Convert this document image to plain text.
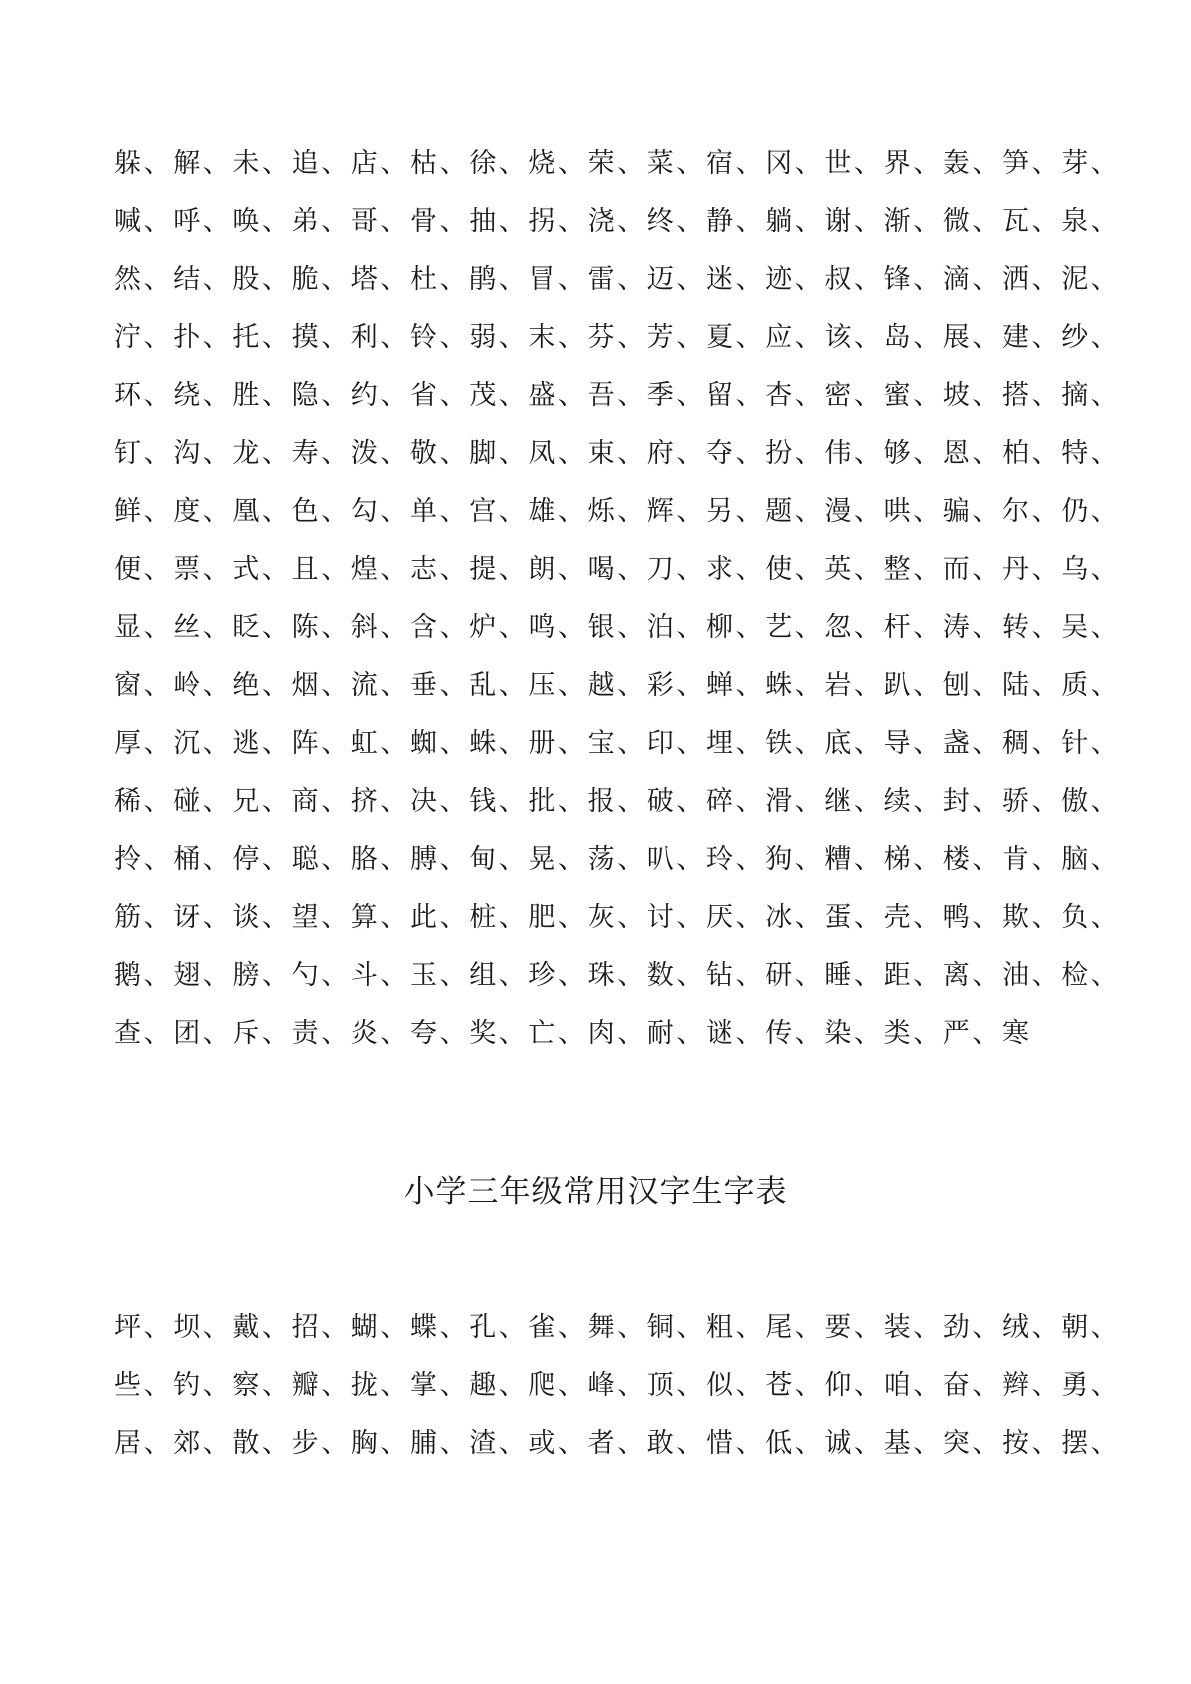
躲、解、未、追、店、枯、徐、烧、荣、菜、宿、冈、世、界、轰、笋、芽、

喊、呼、唤、弟、哥、骨、抽、拐、浇、终、静、躺、谢、渐、微、瓦、泉、

然、结、股、脆、塔、杜、鹃、冒、雷、迈、迷、迹、叔、锋、滴、洒、泥、

泞、扑、托、摸、利、铃、弱、末、芬、芳、夏、应、该、岛、展、建、纱、

环、绕、胜、隐、约、省、茂、盛、吾、季、留、杏、密、蜜、坡、搭、摘、

钉、沟、龙、寿、泼、敬、脚、凤、束、府、夺、扮、伟、够、恩、柏、特、

鲜、度、凰、色、勾、单、宫、雄、烁、辉、另、题、漫、哄、骗、尔、仍、

便、票、式、且、煌、志、提、朗、喝、刀、求、使、英、整、而、丹、乌、

显、丝、眨、陈、斜、含、炉、鸣、银、泊、柳、艺、忽、杆、涛、转、吴、

窗、岭、绝、烟、流、垂、乱、压、越、彩、蝉、蛛、岩、趴、刨、陆、质、

厚、沉、逃、阵、虹、蜘、蛛、册、宝、印、埋、铁、底、导、盏、稠、针、

稀、碰、兄、商、挤、决、钱、批、报、破、碎、滑、继、续、封、骄、傲、

拎、桶、停、聪、胳、膊、甸、晃、荡、叭、玲、狗、糟、梯、楼、肯、脑、

筋、讶、谈、望、算、此、桩、肥、灰、讨、厌、冰、蛋、壳、鸭、欺、负、

鹅、翅、膀、勺、斗、玉、组、珍、珠、数、钻、研、睡、距、离、油、检、

查、团、斥、责、炎、夸、奖、亡、肉、耐、谜、传、染、类、严、寒

小学三年级常用汉字生字表

坪、坝、戴、招、蝴、蝶、孔、雀、舞、铜、粗、尾、要、装、劲、绒、朝、

些、钓、察、瓣、拢、掌、趣、爬、峰、顶、似、苍、仰、咱、奋、辫、勇、

居、郊、散、步、胸、脯、渣、或、者、敢、惜、低、诚、基、突、按、摆、
